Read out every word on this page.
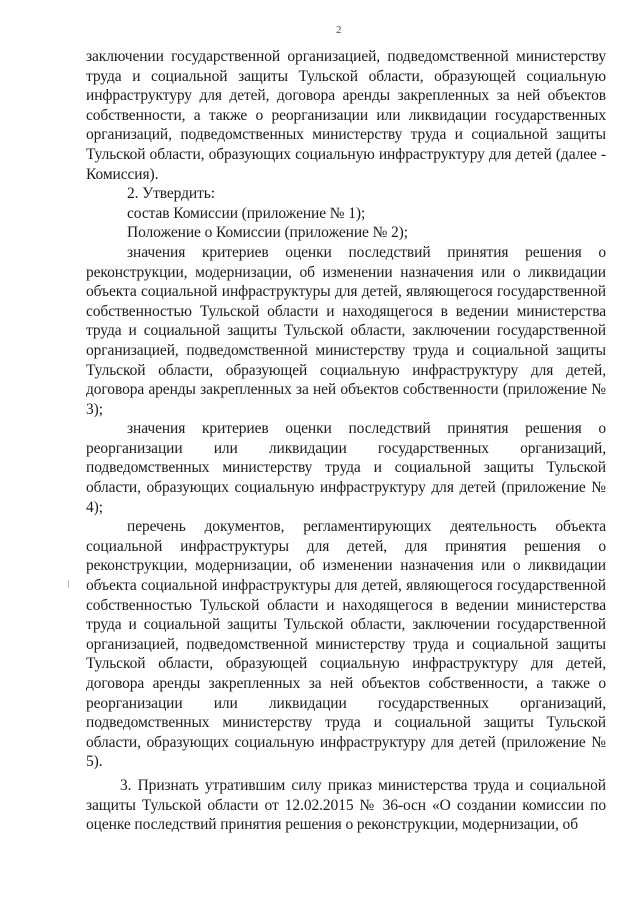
2

заключении государственной организацией, подведомственной министерству труда и социальной защиты Тульской области, образующей социальную инфраструктуру для детей, договора аренды закрепленных за ней объектов собственности, а также о реорганизации или ликвидации государственных организаций, подведомственных министерству труда и социальной защиты Тульской области, образующих социальную инфраструктуру для детей (далее - Комиссия).

2. Утвердить:

состав Комиссии (приложение № 1);

Положение о Комиссии (приложение № 2);

значения критериев оценки последствий принятия решения о реконструкции, модернизации, об изменении назначения или о ликвидации объекта социальной инфраструктуры для детей, являющегося государственной собственностью Тульской области и находящегося в ведении министерства труда и социальной защиты Тульской области, заключении государственной организацией, подведомственной министерству труда и социальной защиты Тульской области, образующей социальную инфраструктуру для детей, договора аренды закрепленных за ней объектов собственности (приложение № 3);

значения критериев оценки последствий принятия решения о реорганизации или ликвидации государственных организаций, подведомственных министерству труда и социальной защиты Тульской области, образующих социальную инфраструктуру для детей (приложение № 4);

перечень документов, регламентирующих деятельность объекта социальной инфраструктуры для детей, для принятия решения о реконструкции, модернизации, об изменении назначения или о ликвидации объекта социальной инфраструктуры для детей, являющегося государственной собственностью Тульской области и находящегося в ведении министерства труда и социальной защиты Тульской области, заключении государственной организацией, подведомственной министерству труда и социальной защиты Тульской области, образующей социальную инфраструктуру для детей, договора аренды закрепленных за ней объектов собственности, а также о реорганизации или ликвидации государственных организаций, подведомственных министерству труда и социальной защиты Тульской области, образующих социальную инфраструктуру для детей (приложение № 5).

3. Признать утратившим силу приказ министерства труда и социальной защиты Тульской области от 12.02.2015 № 36-осн «О создании комиссии по оценке последствий принятия решения о реконструкции, модернизации, об
